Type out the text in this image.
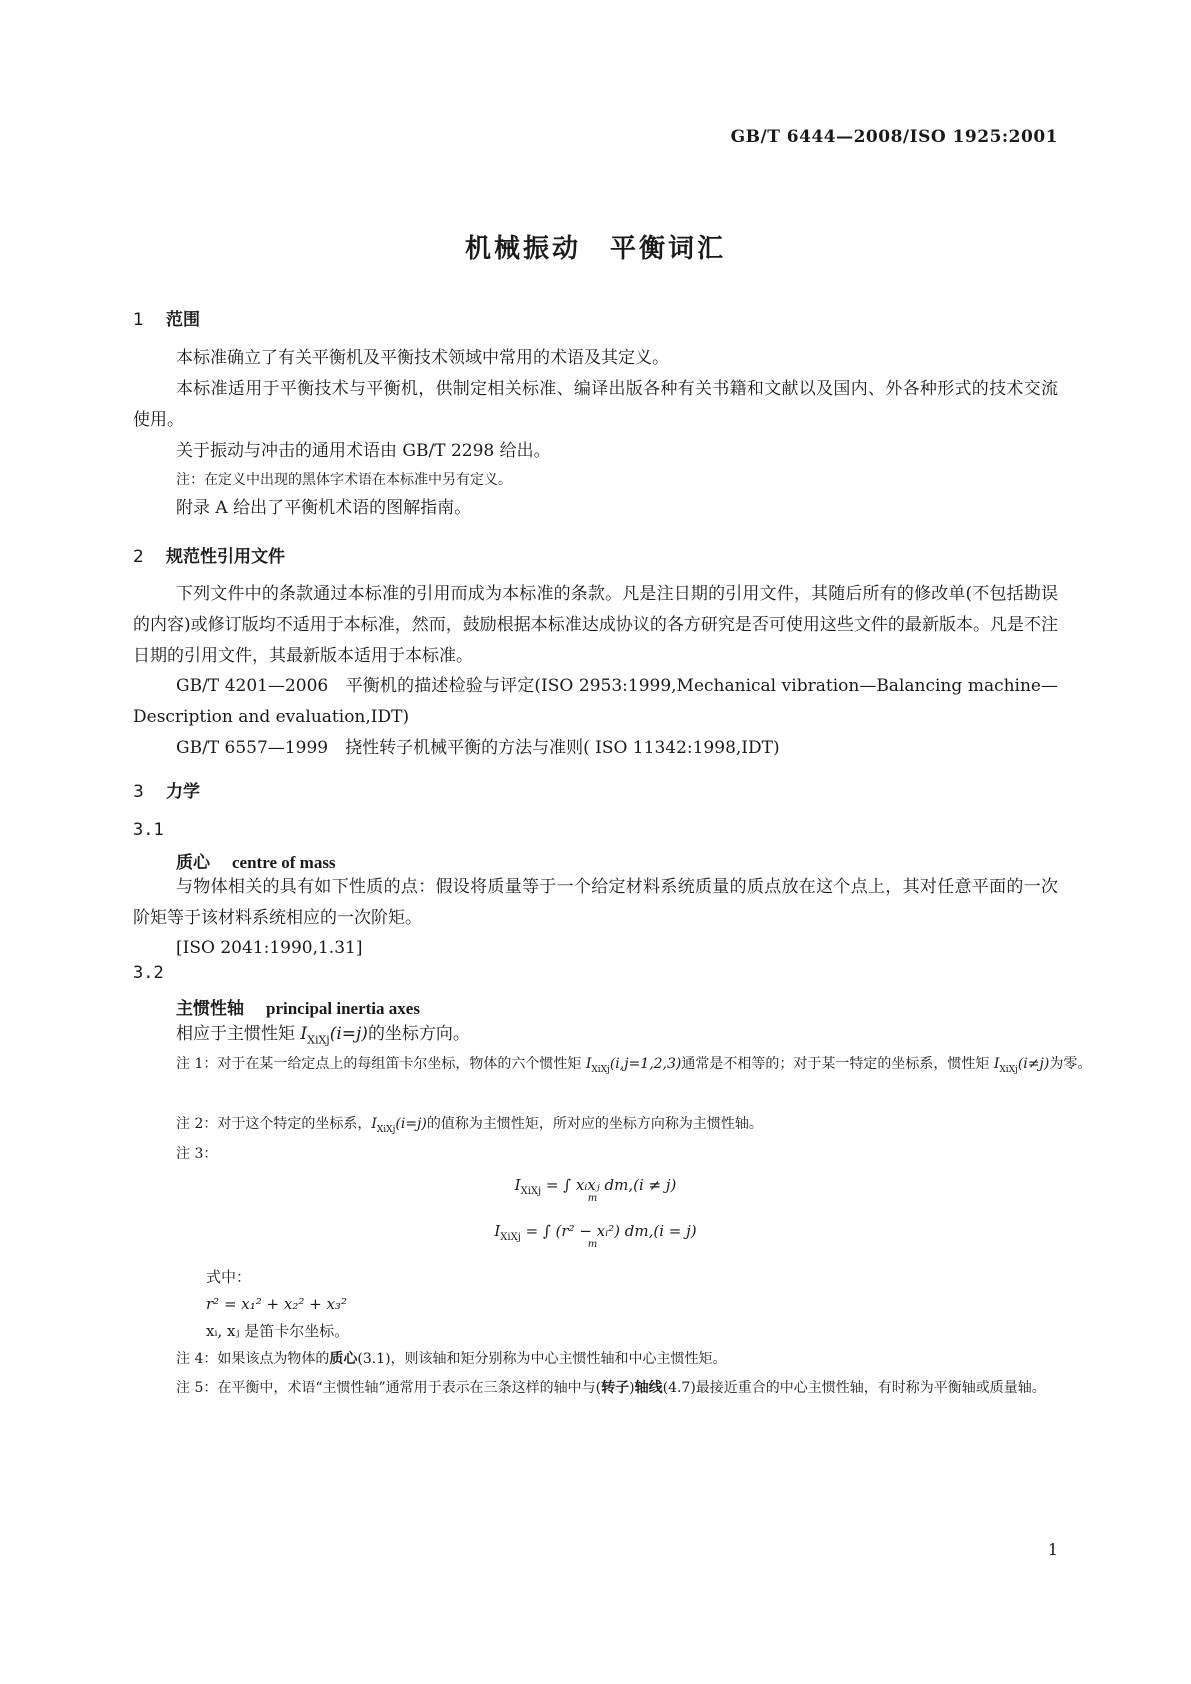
GB/T 6444—2008/ISO 1925:2001
机械振动　平衡词汇
1 范围
本标准确立了有关平衡机及平衡技术领域中常用的术语及其定义。
本标准适用于平衡技术与平衡机，供制定相关标准、编译出版各种有关书籍和文献以及国内、外各种形式的技术交流使用。
关于振动与冲击的通用术语由 GB/T 2298 给出。
注：在定义中出现的黑体字术语在本标准中另有定义。
附录 A 给出了平衡机术语的图解指南。
2 规范性引用文件
下列文件中的条款通过本标准的引用而成为本标准的条款。凡是注日期的引用文件，其随后所有的修改单(不包括勘误的内容)或修订版均不适用于本标准，然而，鼓励根据本标准达成协议的各方研究是否可使用这些文件的最新版本。凡是不注日期的引用文件，其最新版本适用于本标准。
GB/T 4201—2006　平衡机的描述检验与评定(ISO 2953:1999,Mechanical vibration—Balancing machine—Description and evaluation,IDT)
GB/T 6557—1999　挠性转子机械平衡的方法与准则( ISO 11342:1998,IDT)
3 力学
3.1
质心 centre of mass
与物体相关的具有如下性质的点：假设将质量等于一个给定材料系统质量的质点放在这个点上，其对任意平面的一次阶矩等于该材料系统相应的一次阶矩。
[ISO 2041:1990,1.31]
3.2
主惯性轴 principal inertia axes
相应于主惯性矩 $I_{XiXj}(i=j)$的坐标方向。
注 1：对于在某一给定点上的每组笛卡尔坐标，物体的六个惯性矩 $I_{XiXj}(i,j=1,2,3)$通常是不相等的；对于某一特定的坐标系，惯性矩 $I_{XiXj}(i\ne j)$为零。
注 2：对于这个特定的坐标系，$I_{XiXj}(i=j)$的值称为主惯性矩，所对应的坐标方向称为主惯性轴。
注 3：
$I_{XiXj}$ = ∫ xᵢxⱼ dm,(i ≠ j)
m
$I_{XiXj}$ = ∫ (r² − xᵢ²) dm,(i = j)
m
式中：
r² = x₁² + x₂² + x₃²
xᵢ, xⱼ 是笛卡尔坐标。
注 4：如果该点为物体的质心(3.1)，则该轴和矩分别称为中心主惯性轴和中心主惯性矩。
注 5：在平衡中，术语“主惯性轴”通常用于表示在三条这样的轴中与(转子)轴线(4.7)最接近重合的中心主惯性轴，有时称为平衡轴或质量轴。
1
